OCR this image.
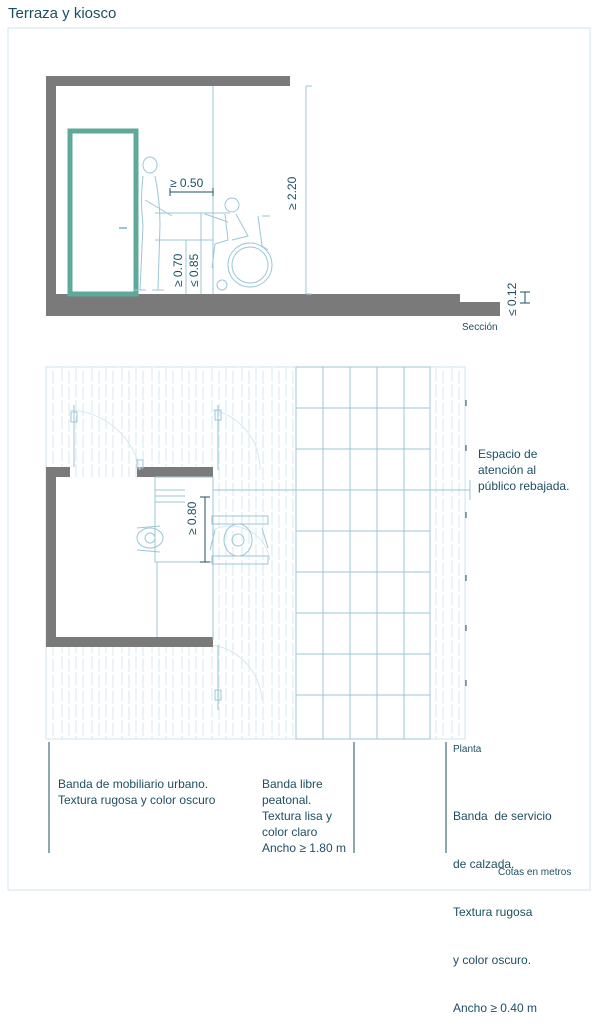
Terraza y kiosco
≥ 0.50	≥ 2.20
≥ 0.70 ≤ 0.85
≤ 0.12
Sección
≥ 0.80
Espacio de
atención al
público rebajada.
Planta
Banda de mobiliario urbano.
Textura rugosa y color oscuro
Banda libre
peatonal.
Textura lisa y
color claro
Ancho ≥ 1.80 m

Banda  de servicio

de calzada.

Textura rugosa

y color oscuro.

Ancho ≥ 0.40 m

Cotas en metros
